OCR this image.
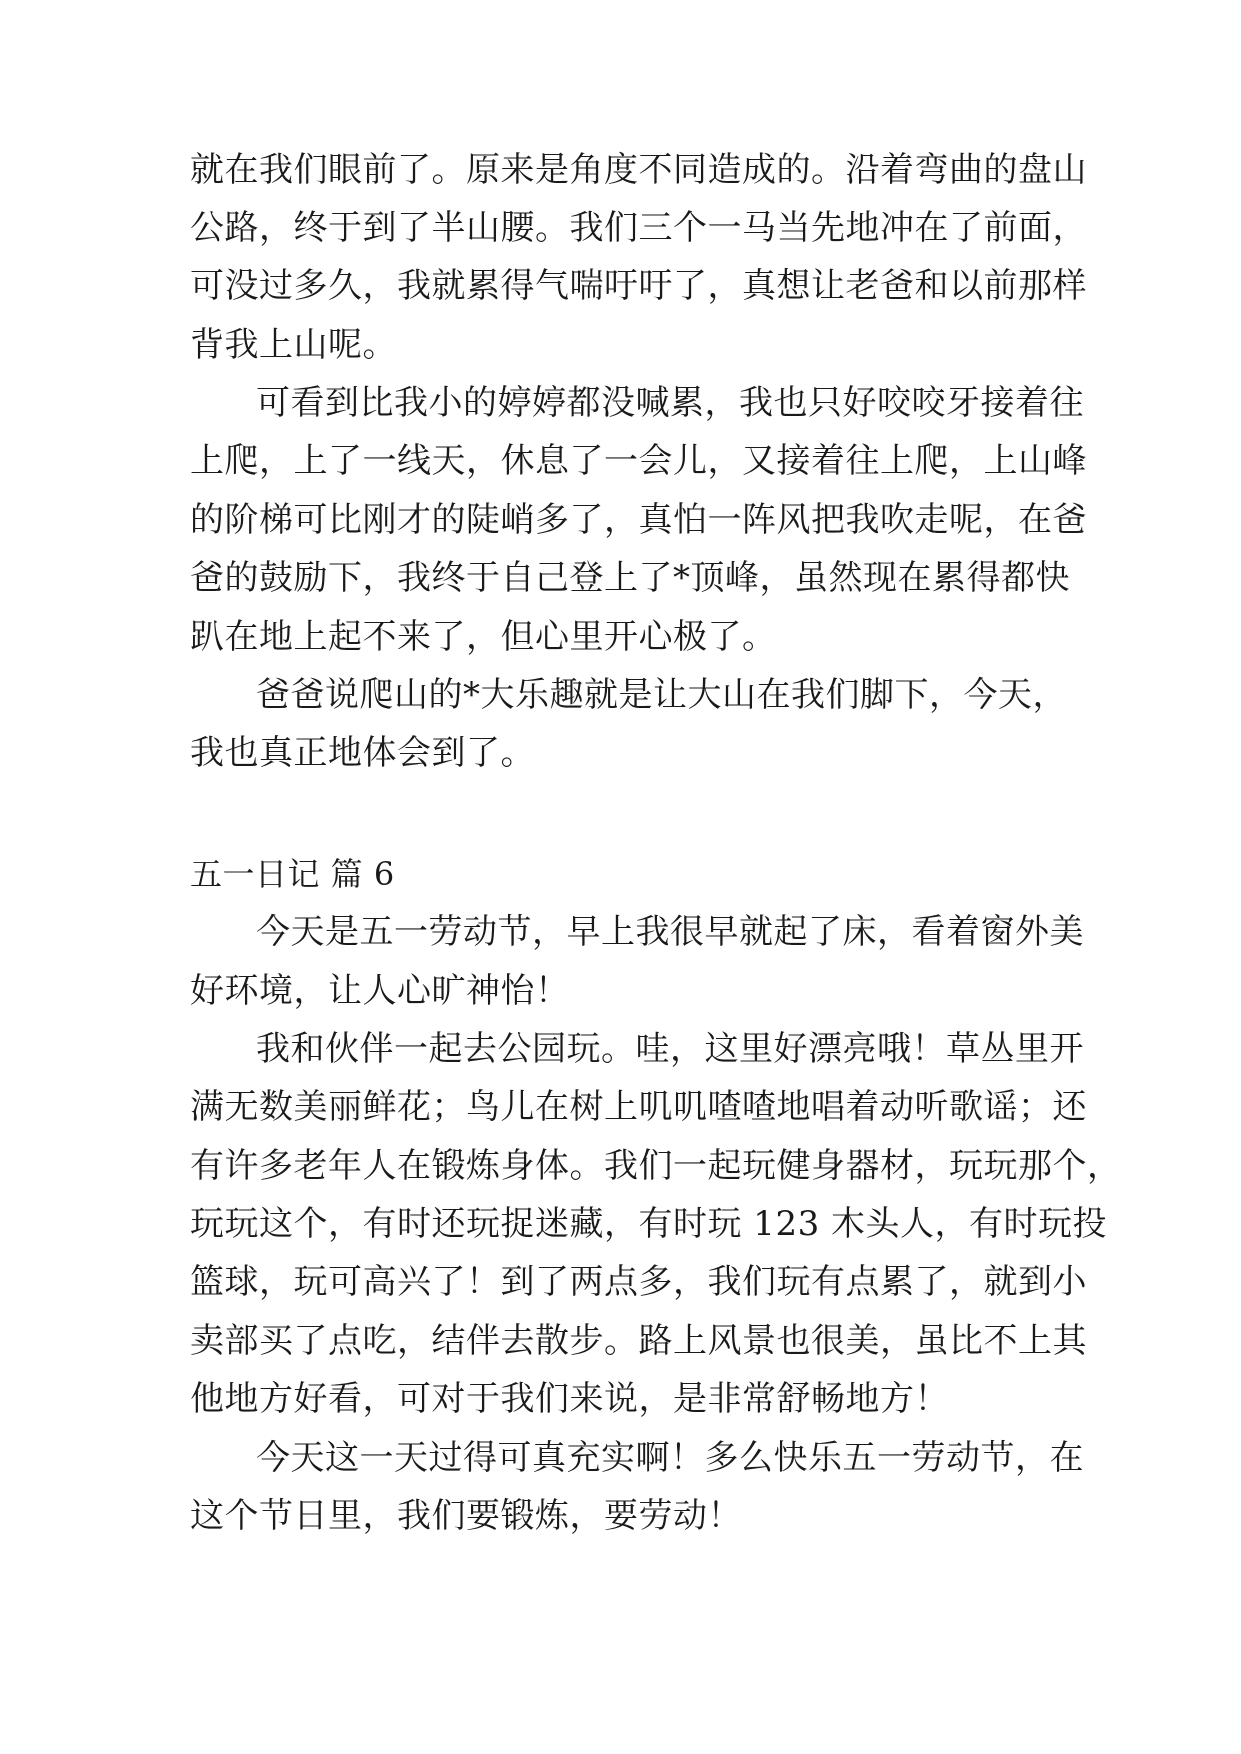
就在我们眼前了。原来是角度不同造成的。沿着弯曲的盘山
公路，终于到了半山腰。我们三个一马当先地冲在了前面，
可没过多久，我就累得气喘吁吁了，真想让老爸和以前那样
背我上山呢。
可看到比我小的婷婷都没喊累，我也只好咬咬牙接着往
上爬，上了一线天，休息了一会儿，又接着往上爬，上山峰
的阶梯可比刚才的陡峭多了，真怕一阵风把我吹走呢，在爸
爸的鼓励下，我终于自己登上了*顶峰，虽然现在累得都快
趴在地上起不来了，但心里开心极了。
爸爸说爬山的*大乐趣就是让大山在我们脚下，今天，
我也真正地体会到了。
五一日记 篇 6
今天是五一劳动节，早上我很早就起了床，看着窗外美
好环境，让人心旷神怡！
我和伙伴一起去公园玩。哇，这里好漂亮哦！草丛里开
满无数美丽鲜花；鸟儿在树上叽叽喳喳地唱着动听歌谣；还
有许多老年人在锻炼身体。我们一起玩健身器材，玩玩那个，
玩玩这个，有时还玩捉迷藏，有时玩 123 木头人，有时玩投
篮球，玩可高兴了！到了两点多，我们玩有点累了，就到小
卖部买了点吃，结伴去散步。路上风景也很美，虽比不上其
他地方好看，可对于我们来说，是非常舒畅地方！
今天这一天过得可真充实啊！多么快乐五一劳动节，在
这个节日里，我们要锻炼，要劳动！
